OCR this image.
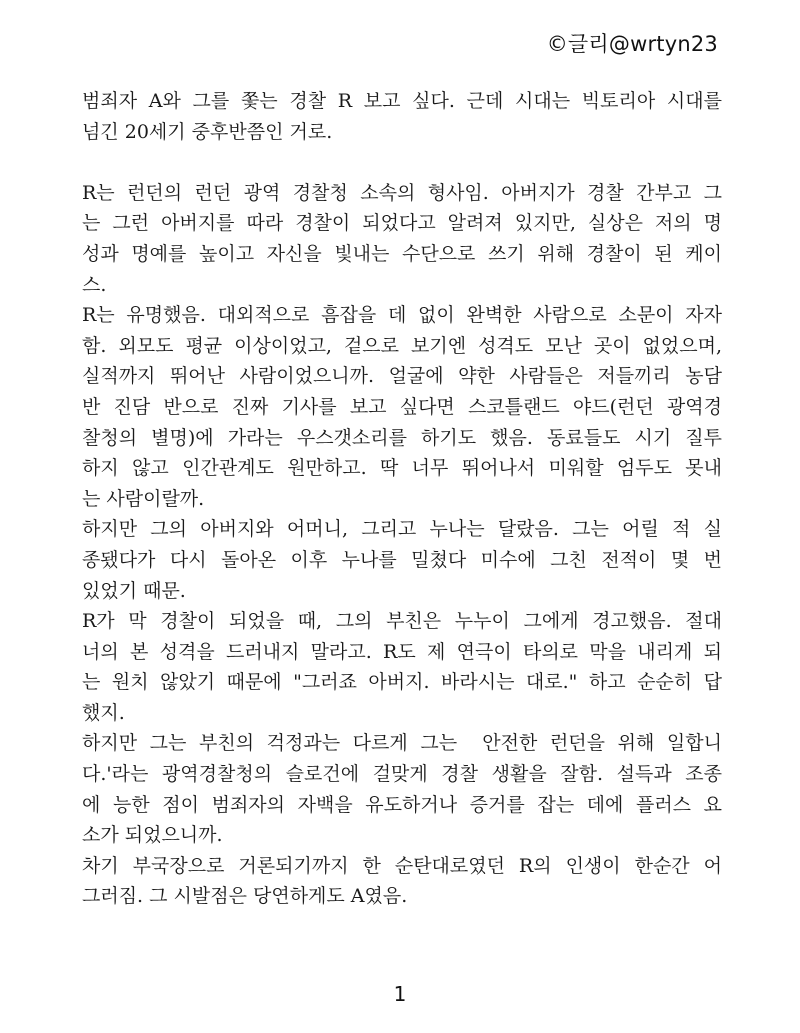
©글리@wrtyn23
범죄자 A와 그를 쫓는 경찰 R 보고 싶다. 근데 시대는 빅토리아 시대를
넘긴 20세기 중후반쯤인 거로.
R는 런던의 런던 광역 경찰청 소속의 형사임. 아버지가 경찰 간부고 그
는 그런 아버지를 따라 경찰이 되었다고 알려져 있지만, 실상은 저의 명
성과 명예를 높이고 자신을 빛내는 수단으로 쓰기 위해 경찰이 된 케이
스.
R는 유명했음. 대외적으로 흠잡을 데 없이 완벽한 사람으로 소문이 자자
함. 외모도 평균 이상이었고, 겉으로 보기엔 성격도 모난 곳이 없었으며,
실적까지 뛰어난 사람이었으니까. 얼굴에 약한 사람들은 저들끼리 농담
반 진담 반으로 진짜 기사를 보고 싶다면 스코틀랜드 야드(런던 광역경
찰청의 별명)에 가라는 우스갯소리를 하기도 했음. 동료들도 시기 질투
하지 않고 인간관계도 원만하고. 딱 너무 뛰어나서 미워할 엄두도 못내
는 사람이랄까.
하지만 그의 아버지와 어머니, 그리고 누나는 달랐음. 그는 어릴 적 실
종됐다가 다시 돌아온 이후 누나를 밀쳤다 미수에 그친 전적이 몇 번
있었기 때문.
R가 막 경찰이 되었을 때, 그의 부친은 누누이 그에게 경고했음. 절대
너의 본 성격을 드러내지 말라고. R도 제 연극이 타의로 막을 내리게 되
는 원치 않았기 때문에 "그러죠 아버지. 바라시는 대로." 하고 순순히 답
했지.
하지만 그는 부친의 걱정과는 다르게 그는  안전한 런던을 위해 일합니
다.'라는 광역경찰청의 슬로건에 걸맞게 경찰 생활을 잘함. 설득과 조종
에 능한 점이 범죄자의 자백을 유도하거나 증거를 잡는 데에 플러스 요
소가 되었으니까.
차기 부국장으로 거론되기까지 한 순탄대로였던 R의 인생이 한순간 어
그러짐. 그 시발점은 당연하게도 A였음.
1
